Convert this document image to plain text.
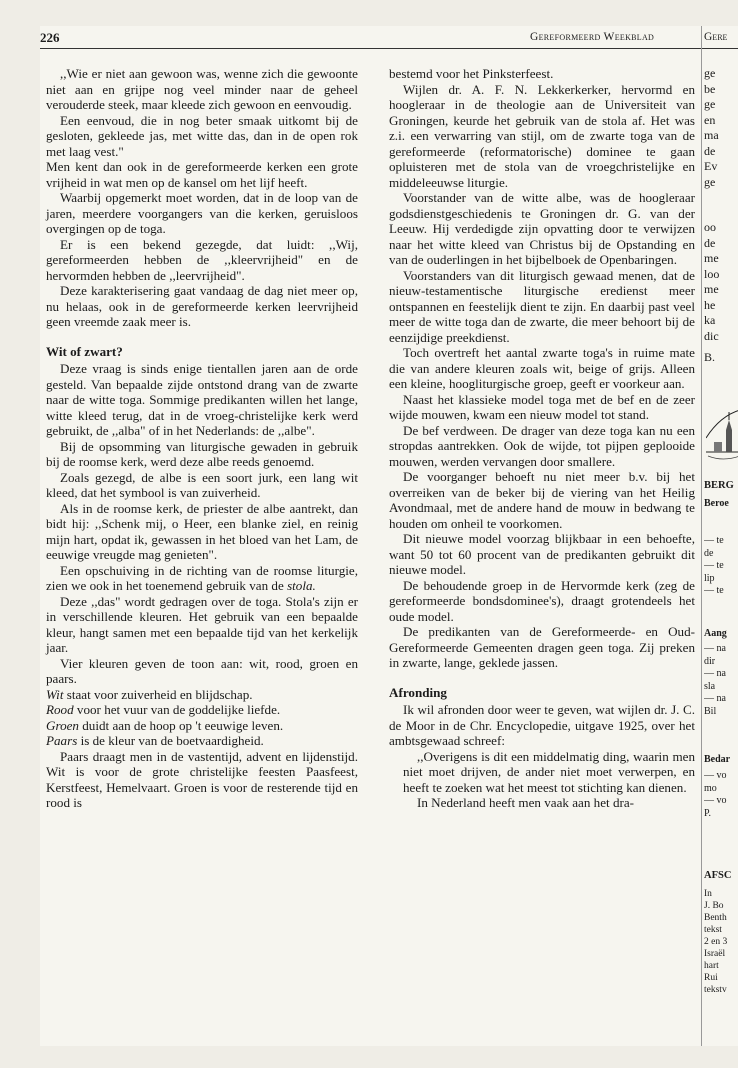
226	Gereformeerd Weekblad	Gere

,,Wie er niet aan gewoon was, wenne zich die gewoonte niet aan en grijpe nog veel minder naar de geheel verouderde steek, maar kleede zich gewoon en eenvoudig.

Een eenvoud, die in nog beter smaak uitkomt bij de gesloten, gekleede jas, met witte das, dan in de open rok met laag vest."

Men kent dan ook in de gereformeerde kerken een grote vrijheid in wat men op de kansel om het lijf heeft.

Waarbij opgemerkt moet worden, dat in de loop van de jaren, meerdere voorgangers van die kerken, geruisloos overgingen op de toga.

Er is een bekend gezegde, dat luidt: ,,Wij, gereformeerden hebben de ,,kleervrijheid" en de hervormden hebben de ,,leervrijheid".

Deze karakterisering gaat vandaag de dag niet meer op, nu helaas, ook in de gereformeerde kerken leervrijheid geen vreemde zaak meer is.

Wit of zwart?

Deze vraag is sinds enige tientallen jaren aan de orde gesteld. Van bepaalde zijde ontstond drang van de zwarte naar de witte toga. Sommige predikanten willen het lange, witte kleed terug, dat in de vroeg-christelijke kerk werd gebruikt, de ,,alba" of in het Nederlands: de ,,albe".

Bij de opsomming van liturgische gewaden in gebruik bij de roomse kerk, werd deze albe reeds genoemd.

Zoals gezegd, de albe is een soort jurk, een lang wit kleed, dat het symbool is van zuiverheid.

Als in de roomse kerk, de priester de albe aantrekt, dan bidt hij: ,,Schenk mij, o Heer, een blanke ziel, en reinig mijn hart, opdat ik, gewassen in het bloed van het Lam, de eeuwige vreugde mag genieten".

Een opschuiving in de richting van de roomse liturgie, zien we ook in het toenemend gebruik van de stola.

Deze ,,das" wordt gedragen over de toga. Stola's zijn er in verschillende kleuren. Het gebruik van een bepaalde kleur, hangt samen met een bepaalde tijd van het kerkelijk jaar.

Vier kleuren geven de toon aan: wit, rood, groen en paars.

Wit staat voor zuiverheid en blijdschap.

Rood voor het vuur van de goddelijke liefde.

Groen duidt aan de hoop op 't eeuwige leven.

Paars is de kleur van de boetvaardigheid.

Paars draagt men in de vastentijd, advent en lijdenstijd. Wit is voor de grote christelijke feesten Paasfeest, Kerstfeest, Hemelvaart. Groen is voor de resterende tijd en rood is

bestemd voor het Pinksterfeest.

Wijlen dr. A. F. N. Lekkerkerker, hervormd en hoogleraar in de theologie aan de Universiteit van Groningen, keurde het gebruik van de stola af. Het was z.i. een verwarring van stijl, om de zwarte toga van de gereformeerde (reformatorische) dominee te gaan opluisteren met de stola van de vroegchristelijke en middeleeuwse liturgie.

Voorstander van de witte albe, was de hoogleraar godsdienstgeschiedenis te Groningen dr. G. van der Leeuw. Hij verdedigde zijn opvatting door te verwijzen naar het witte kleed van Christus bij de Opstanding en van de ouderlingen in het bijbelboek de Openbaringen.

Voorstanders van dit liturgisch gewaad menen, dat de nieuw-testamentische liturgische eredienst meer ontspannen en feestelijk dient te zijn. En daarbij past veel meer de witte toga dan de zwarte, die meer behoort bij de eenzijdige preekdienst.

Toch overtreft het aantal zwarte toga's in ruime mate die van andere kleuren zoals wit, beige of grijs. Alleen een kleine, hoogliturgische groep, geeft er voorkeur aan.

Naast het klassieke model toga met de bef en de zeer wijde mouwen, kwam een nieuw model tot stand.

De bef verdween. De drager van deze toga kan nu een stropdas aantrekken. Ook de wijde, tot pijpen geplooide mouwen, werden vervangen door smallere.

De voorganger behoeft nu niet meer b.v. bij het overreiken van de beker bij de viering van het Heilig Avondmaal, met de andere hand de mouw in bedwang te houden om onheil te voorkomen.

Dit nieuwe model voorzag blijkbaar in een behoefte, want 50 tot 60 procent van de predikanten gebruikt dit nieuwe model.

De behoudende groep in de Hervormde kerk (zeg de gereformeerde bondsdominee's), draagt grotendeels het oude model.

De predikanten van de Gereformeerde- en Oud-Gereformeerde Gemeenten dragen geen toga. Zij preken in zwarte, lange, geklede jassen.

Afronding

Ik wil afronden door weer te geven, wat wijlen dr. J. C. de Moor in de Chr. Encyclopedie, uitgave 1925, over het ambtsgewaad schreef:

,,Overigens is dit een middelmatig ding, waarin men niet moet drijven, de ander niet moet verwerpen, en heeft te zoeken wat het meest tot stichting kan dienen.

In Nederland heeft men vaak aan het dra-

ge
be
ge
en
ma
de
Ev
ge
oo
de
me
loo
me
he
ka
dic
B.
BERG
Beroe
— te
de
— te
lip
— te
Aang
— na
dir
— na
sla
— na
Bil
Bedar
— vo
mo
— vo
P.
AFSC
In
J. Bo
Benth
tekst
2 en 3
Israël
hart
Rui
tekstv
